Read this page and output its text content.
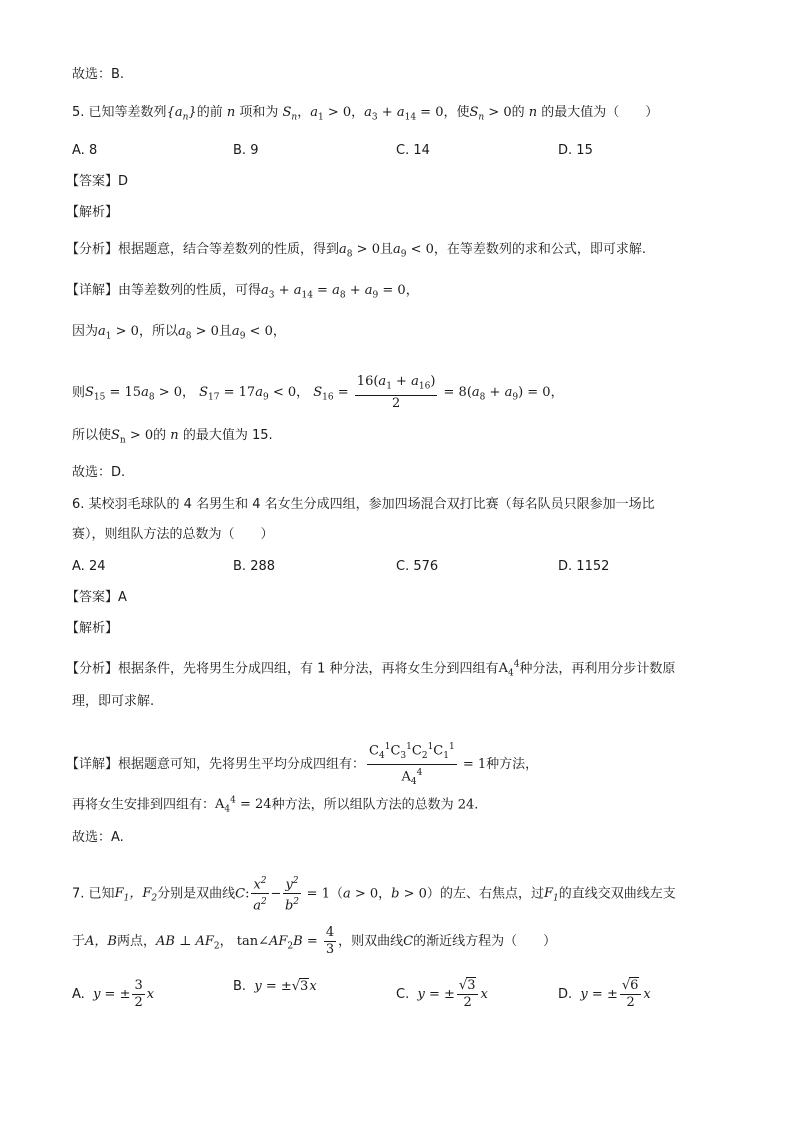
故选：B.
5. 已知等差数列$\{a_n\}$的前 n 项和为 $S_n$，$a_1 > 0$，$a_3 + a_{14} = 0$，使$S_n > 0$的 n 的最大值为（　　）
A. 8	B. 9	C. 14	D. 15
【答案】D
【解析】
【分析】根据题意，结合等差数列的性质，得到$a_8 > 0$且$a_9 < 0$，在等差数列的求和公式，即可求解.
【详解】由等差数列的性质，可得$a_3 + a_{14} = a_8 + a_9 = 0$，
因为$a_1 > 0$，所以$a_8 > 0$且$a_9 < 0$，
则$S_{15} = 15a_8 > 0$， $S_{17} = 17a_9 < 0$， $S_{16} = \frac{16(a_1 + a_{16})}{2} = 8(a_8 + a_9) = 0$，
所以使$S_n > 0$的 n 的最大值为 15.
故选：D.
6. 某校羽毛球队的 4 名男生和 4 名女生分成四组，参加四场混合双打比赛（每名队员只限参加一场比
赛），则组队方法的总数为（　　）
A. 24	B. 288	C. 576	D. 1152
【答案】A
【解析】
【分析】根据条件，先将男生分成四组，有 1 种分法，再将女生分到四组有$A_4^4$种分法，再利用分步计数原
理，即可求解.
【详解】根据题意可知，先将男生平均分成四组有： $\frac{C_4^1C_3^1C_2^1C_1^1}{A_4^4} = 1$种方法，
再将女生安排到四组有：$A_4^4 = 24$种方法，所以组队方法的总数为 24.
故选：A.
7. 已知$F_1$，$F_2$分别是双曲线C: $\frac{x^2}{a^2} - \frac{y^2}{b^2} = 1(a > 0$，b > 0）的左、右焦点，过$F_1$的直线交双曲线左支
于A，B两点，AB ⊥ $AF_2$， $\tan\angle AF_2B = \frac{4}{3}$ ，则双曲线C的渐近线方程为（　　）
A. y = ± $\frac{3}{2}$ x
B. y = ±√3x
C. y = ± $\frac{√3}{2}$ x	D. y = ± $\frac{√6}{2}$ x
